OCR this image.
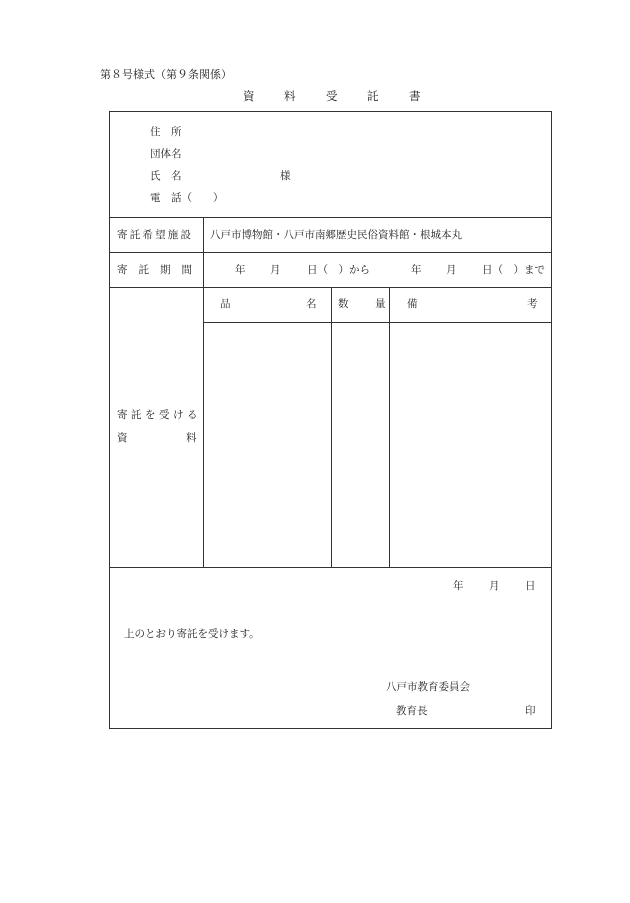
第８号様式（第９条関係）
資	料	受	託	書
住　所
団体名
氏　名	様
電　話（　　）
寄託希望施設 八戸市博物館・八戸市南郷歴史民俗資料館・根城本丸
寄託期間	年 月	日（　）から	年 月 日（　）まで
寄託を受ける
資	料
品	名 数	量 備	考
年 月 日
上のとおり寄託を受けます。
八戸市教育委員会
教育長	印
